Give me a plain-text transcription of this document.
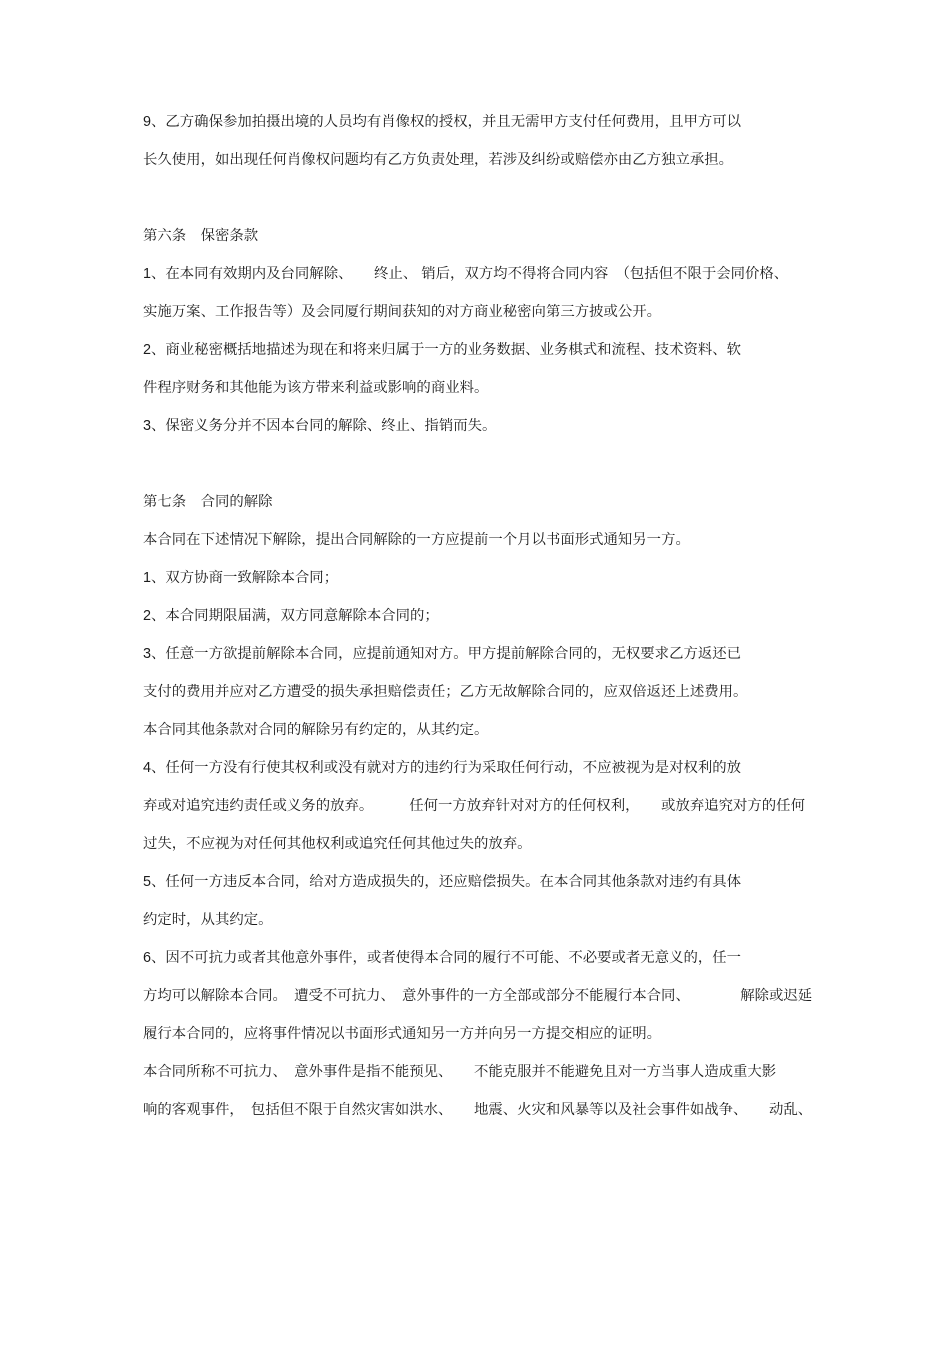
9、乙方确保参加拍摄出境的人员均有肖像权的授权，并且无需甲方支付任何费用，且甲方可以
长久使用，如出现任何肖像权问题均有乙方负责处理，若涉及纠纷或赔偿亦由乙方独立承担。
第六条　保密条款
1、在本同有效期内及台同解除、　　终止、 销后，双方均不得将合同内容　（包括但不限于会同价格、
实施万案、工作报告等）及会同厦行期间获知的对方商业秘密向第三方披或公开。
2、商业秘密概括地描述为现在和将来归属于一方的业务数据、业务棋式和流程、技术资料、软
件程序财务和其他能为该方带来利益或影响的商业料。
3、保密义务分并不因本台同的解除、终止、指销而失。
第七条　合同的解除
本合同在下述情况下解除，提出合同解除的一方应提前一个月以书面形式通知另一方。
1、双方协商一致解除本合同；
2、本合同期限届满，双方同意解除本合同的；
3、任意一方欲提前解除本合同，应提前通知对方。甲方提前解除合同的，无权要求乙方返还已
支付的费用并应对乙方遭受的损失承担赔偿责任；乙方无故解除合同的，应双倍返还上述费用。
本合同其他条款对合同的解除另有约定的，从其约定。
4、任何一方没有行使其权利或没有就对方的违约行为采取任何行动，不应被视为是对权利的放
弃或对追究违约责任或义务的放弃。　　　任何一方放弃针对对方的任何权利，　　或放弃追究对方的任何
过失，不应视为对任何其他权利或追究任何其他过失的放弃。
5、任何一方违反本合同，给对方造成损失的，还应赔偿损失。在本合同其他条款对违约有具体
约定时，从其约定。
6、因不可抗力或者其他意外事件，或者使得本合同的履行不可能、不必要或者无意义的，任一
方均可以解除本合同。　遭受不可抗力、　意外事件的一方全部或部分不能履行本合同、　　　　解除或迟延
履行本合同的，应将事件情况以书面形式通知另一方并向另一方提交相应的证明。
本合同所称不可抗力、　意外事件是指不能预见、　　不能克服并不能避免且对一方当事人造成重大影
响的客观事件，　包括但不限于自然灾害如洪水、　　地震、火灾和风暴等以及社会事件如战争、　　动乱、
